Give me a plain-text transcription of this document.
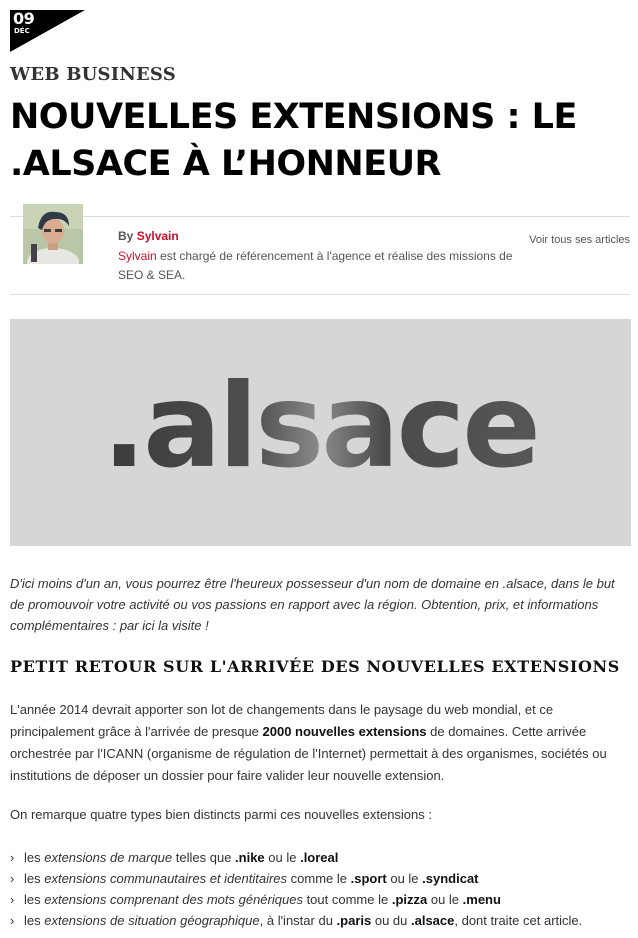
09
DÉC
WEB BUSINESS
NOUVELLES EXTENSIONS : LE .ALSACE À L’HONNEUR
By Sylvain
Sylvain est chargé de référencement à l'agence et réalise des missions de SEO & SEA.
Voir tous ses articles
.alsace

D'ici moins d'un an, vous pourrez être l'heureux possesseur d'un nom de domaine en .alsace, dans le but de promouvoir votre activité ou vos passions en rapport avec la région. Obtention, prix, et informations complémentaires : par ici la visite !

PETIT RETOUR SUR L'ARRIVÉE DES NOUVELLES EXTENSIONS

L'année 2014 devrait apporter son lot de changements dans le paysage du web mondial, et ce principalement grâce à l'arrivée de presque 2000 nouvelles extensions de domaines. Cette arrivée orchestrée par l'ICANN (organisme de régulation de l'Internet) permettait à des organismes, sociétés ou institutions de déposer un dossier pour faire valider leur nouvelle extension.

On remarque quatre types bien distincts parmi ces nouvelles extensions :

› les extensions de marque telles que .nike ou le .loreal
› les extensions communautaires et identitaires comme le .sport ou le .syndicat
› les extensions comprenant des mots génériques tout comme le .pizza ou le .menu
› les extensions de situation géographique, à l'instar du .paris ou du .alsace, dont traite cet article.
